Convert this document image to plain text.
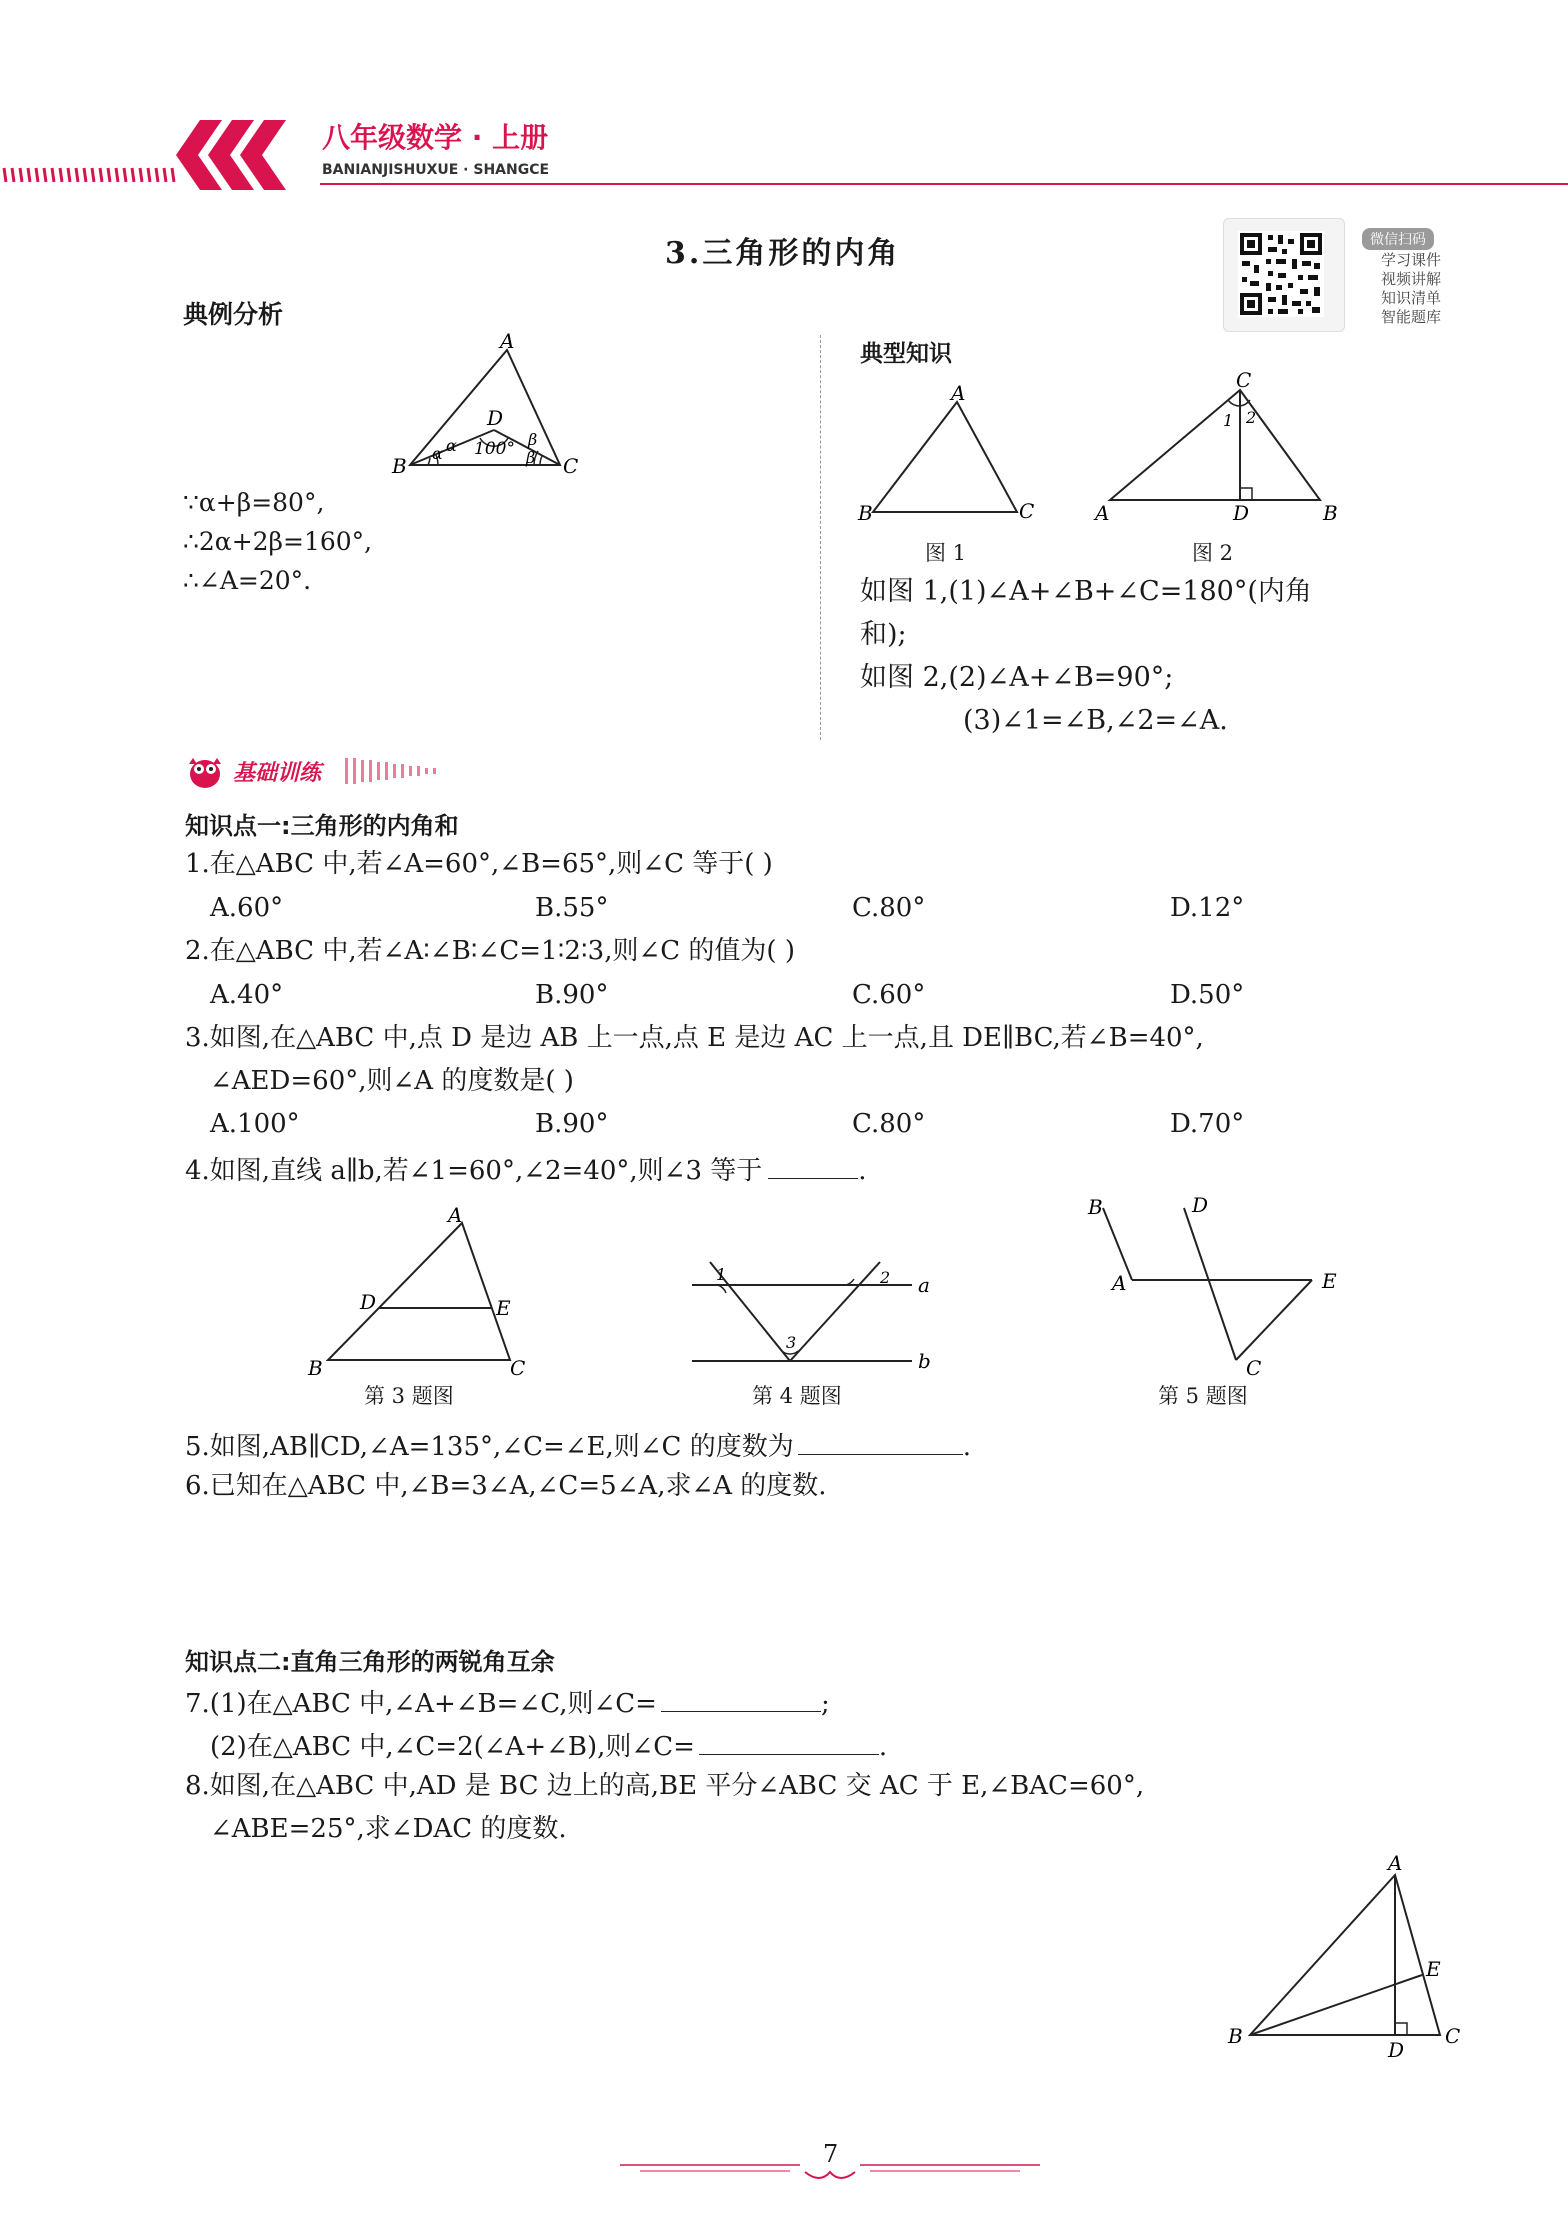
八年级数学 · 上册
BANIANJISHUXUE · SHANGCE
3.三角形的内角	微信扫码
学习课件
视频讲解
知识清单
智能题库
典例分析
A
B	C
D
α α
β
β
100°
∵α+β=80°,
∴2α+2β=160°,
∴∠A=20°.
典型知识
A
B	C
图 1
C
A	B
D
1 2
图 2
如图 1,(1)∠A+∠B+∠C=180°(内角
和);
如图 2,(2)∠A+∠B=90°;
(3)∠1=∠B,∠2=∠A.
基础训练
知识点一:三角形的内角和
1.在△ABC 中,若∠A=60°,∠B=65°,则∠C 等于( )
A.60°	B.55°	C.80°	D.12°
2.在△ABC 中,若∠A∶∠B∶∠C=1∶2∶3,则∠C 的值为( )
A.40°	B.90°	C.60°	D.50°
3.如图,在△ABC 中,点 D 是边 AB 上一点,点 E 是边 AC 上一点,且 DE∥BC,若∠B=40°,
∠AED=60°,则∠A 的度数是( )
A.100°	B.90°	C.80°	D.70°
4.如图,直线 a∥b,若∠1=60°,∠2=40°,则∠3 等于	.
A
B	C
D	E
第 3 题图
1	2
3
a
b
第 4 题图
B	D
A	E
C
第 5 题图
5.如图,AB∥CD,∠A=135°,∠C=∠E,则∠C 的度数为	.
6.已知在△ABC 中,∠B=3∠A,∠C=5∠A,求∠A 的度数.
知识点二:直角三角形的两锐角互余
7.(1)在△ABC 中,∠A+∠B=∠C,则∠C=	;
(2)在△ABC 中,∠C=2(∠A+∠B),则∠C=	.
8.如图,在△ABC 中,AD 是 BC 边上的高,BE 平分∠ABC 交 AC 于 E,∠BAC=60°,
∠ABE=25°,求∠DAC 的度数.
A
B	C
D
E
7
